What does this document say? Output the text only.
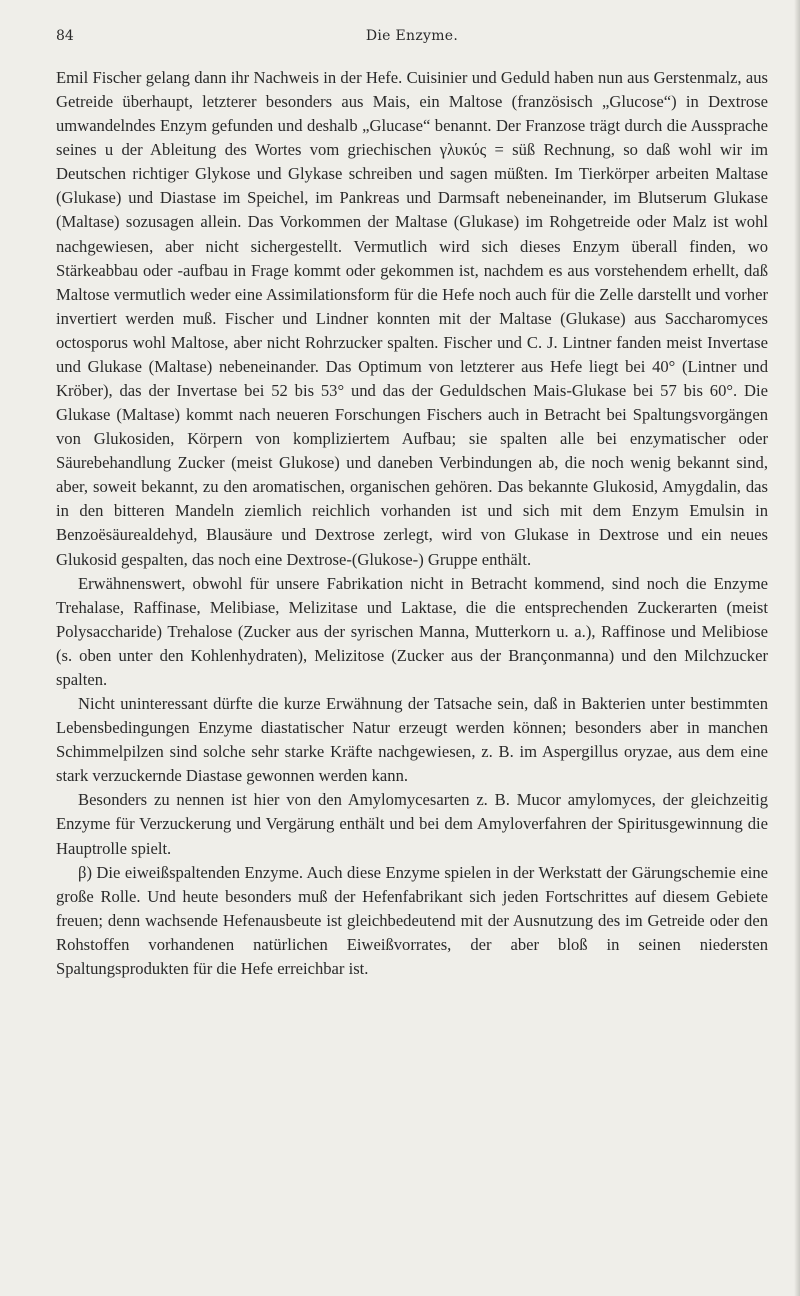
84	Die Enzyme.

Emil Fischer gelang dann ihr Nachweis in der Hefe. Cuisinier und Geduld haben nun aus Gerstenmalz, aus Getreide überhaupt, letzterer besonders aus Mais, ein Maltose (französisch „Glucose“) in Dextrose umwandelndes Enzym gefunden und deshalb „Glucase“ benannt. Der Franzose trägt durch die Aussprache seines u der Ableitung des Wortes vom griechischen γλυκύς = süß Rechnung, so daß wohl wir im Deutschen richtiger Glykose und Glykase schreiben und sagen müßten. Im Tierkörper arbeiten Maltase (Glukase) und Diastase im Speichel, im Pankreas und Darmsaft nebeneinander, im Blutserum Glukase (Maltase) sozusagen allein. Das Vorkommen der Maltase (Glukase) im Rohgetreide oder Malz ist wohl nachgewiesen, aber nicht sichergestellt. Vermutlich wird sich dieses Enzym überall finden, wo Stärkeabbau oder -aufbau in Frage kommt oder gekommen ist, nachdem es aus vorstehendem erhellt, daß Maltose vermutlich weder eine Assimilationsform für die Hefe noch auch für die Zelle darstellt und vorher invertiert werden muß. Fischer und Lindner konnten mit der Maltase (Glukase) aus Saccharomyces octosporus wohl Maltose, aber nicht Rohrzucker spalten. Fischer und C. J. Lintner fanden meist Invertase und Glukase (Maltase) nebeneinander. Das Optimum von letzterer aus Hefe liegt bei 40° (Lintner und Kröber), das der Invertase bei 52 bis 53° und das der Geduldschen Mais-Glukase bei 57 bis 60°. Die Glukase (Maltase) kommt nach neueren Forschungen Fischers auch in Betracht bei Spaltungsvorgängen von Glukosiden, Körpern von kompliziertem Aufbau; sie spalten alle bei enzymatischer oder Säurebehandlung Zucker (meist Glukose) und daneben Verbindungen ab, die noch wenig bekannt sind, aber, soweit bekannt, zu den aromatischen, organischen gehören. Das bekannte Glukosid, Amygdalin, das in den bitteren Mandeln ziemlich reichlich vorhanden ist und sich mit dem Enzym Emulsin in Benzoësäurealdehyd, Blausäure und Dextrose zerlegt, wird von Glukase in Dextrose und ein neues Glukosid gespalten, das noch eine Dextrose-(Glukose-) Gruppe enthält.

Erwähnenswert, obwohl für unsere Fabrikation nicht in Betracht kommend, sind noch die Enzyme Trehalase, Raffinase, Melibiase, Melizitase und Laktase, die die entsprechenden Zuckerarten (meist Polysaccharide) Trehalose (Zucker aus der syrischen Manna, Mutterkorn u. a.), Raffinose und Melibiose (s. oben unter den Kohlenhydraten), Melizitose (Zucker aus der Brançonmanna) und den Milchzucker spalten.

Nicht uninteressant dürfte die kurze Erwähnung der Tatsache sein, daß in Bakterien unter bestimmten Lebensbedingungen Enzyme diastatischer Natur erzeugt werden können; besonders aber in manchen Schimmelpilzen sind solche sehr starke Kräfte nachgewiesen, z. B. im Aspergillus oryzae, aus dem eine stark verzuckernde Diastase gewonnen werden kann.

Besonders zu nennen ist hier von den Amylomycesarten z. B. Mucor amylomyces, der gleichzeitig Enzyme für Verzuckerung und Vergärung enthält und bei dem Amyloverfahren der Spiritusgewinnung die Hauptrolle spielt.

β) Die eiweißspaltenden Enzyme. Auch diese Enzyme spielen in der Werkstatt der Gärungschemie eine große Rolle. Und heute besonders muß der Hefenfabrikant sich jeden Fortschrittes auf diesem Gebiete freuen; denn wachsende Hefenausbeute ist gleichbedeutend mit der Ausnutzung des im Getreide oder den Rohstoffen vorhandenen natürlichen Eiweißvorrates, der aber bloß in seinen niedersten Spaltungsprodukten für die Hefe erreichbar ist.
